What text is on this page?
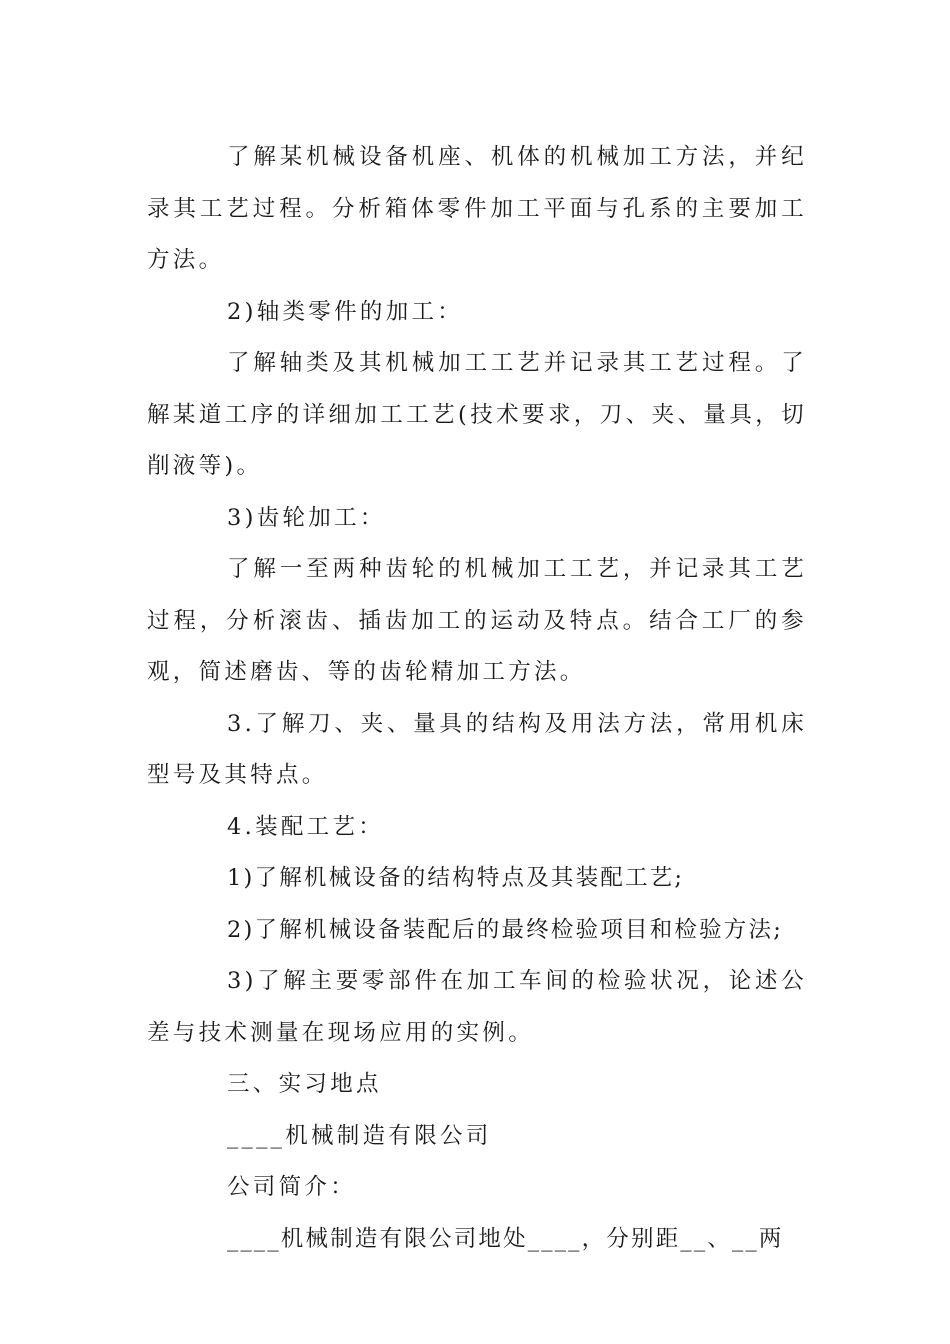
了解某机械设备机座、机体的机械加工方法，并纪录其工艺过程。分析箱体零件加工平面与孔系的主要加工方法。

2)轴类零件的加工：

了解轴类及其机械加工工艺并记录其工艺过程。了解某道工序的详细加工工艺(技术要求，刀、夹、量具，切削液等)。

3)齿轮加工：

了解一至两种齿轮的机械加工工艺，并记录其工艺过程，分析滚齿、插齿加工的运动及特点。结合工厂的参观，简述磨齿、等的齿轮精加工方法。

3.了解刀、夹、量具的结构及用法方法，常用机床型号及其特点。

4.装配工艺：

1)了解机械设备的结构特点及其装配工艺;

2)了解机械设备装配后的最终检验项目和检验方法;

3)了解主要零部件在加工车间的检验状况，论述公差与技术测量在现场应用的实例。

三、实习地点

____机械制造有限公司

公司简介：

____机械制造有限公司地处____，分别距__、__两
